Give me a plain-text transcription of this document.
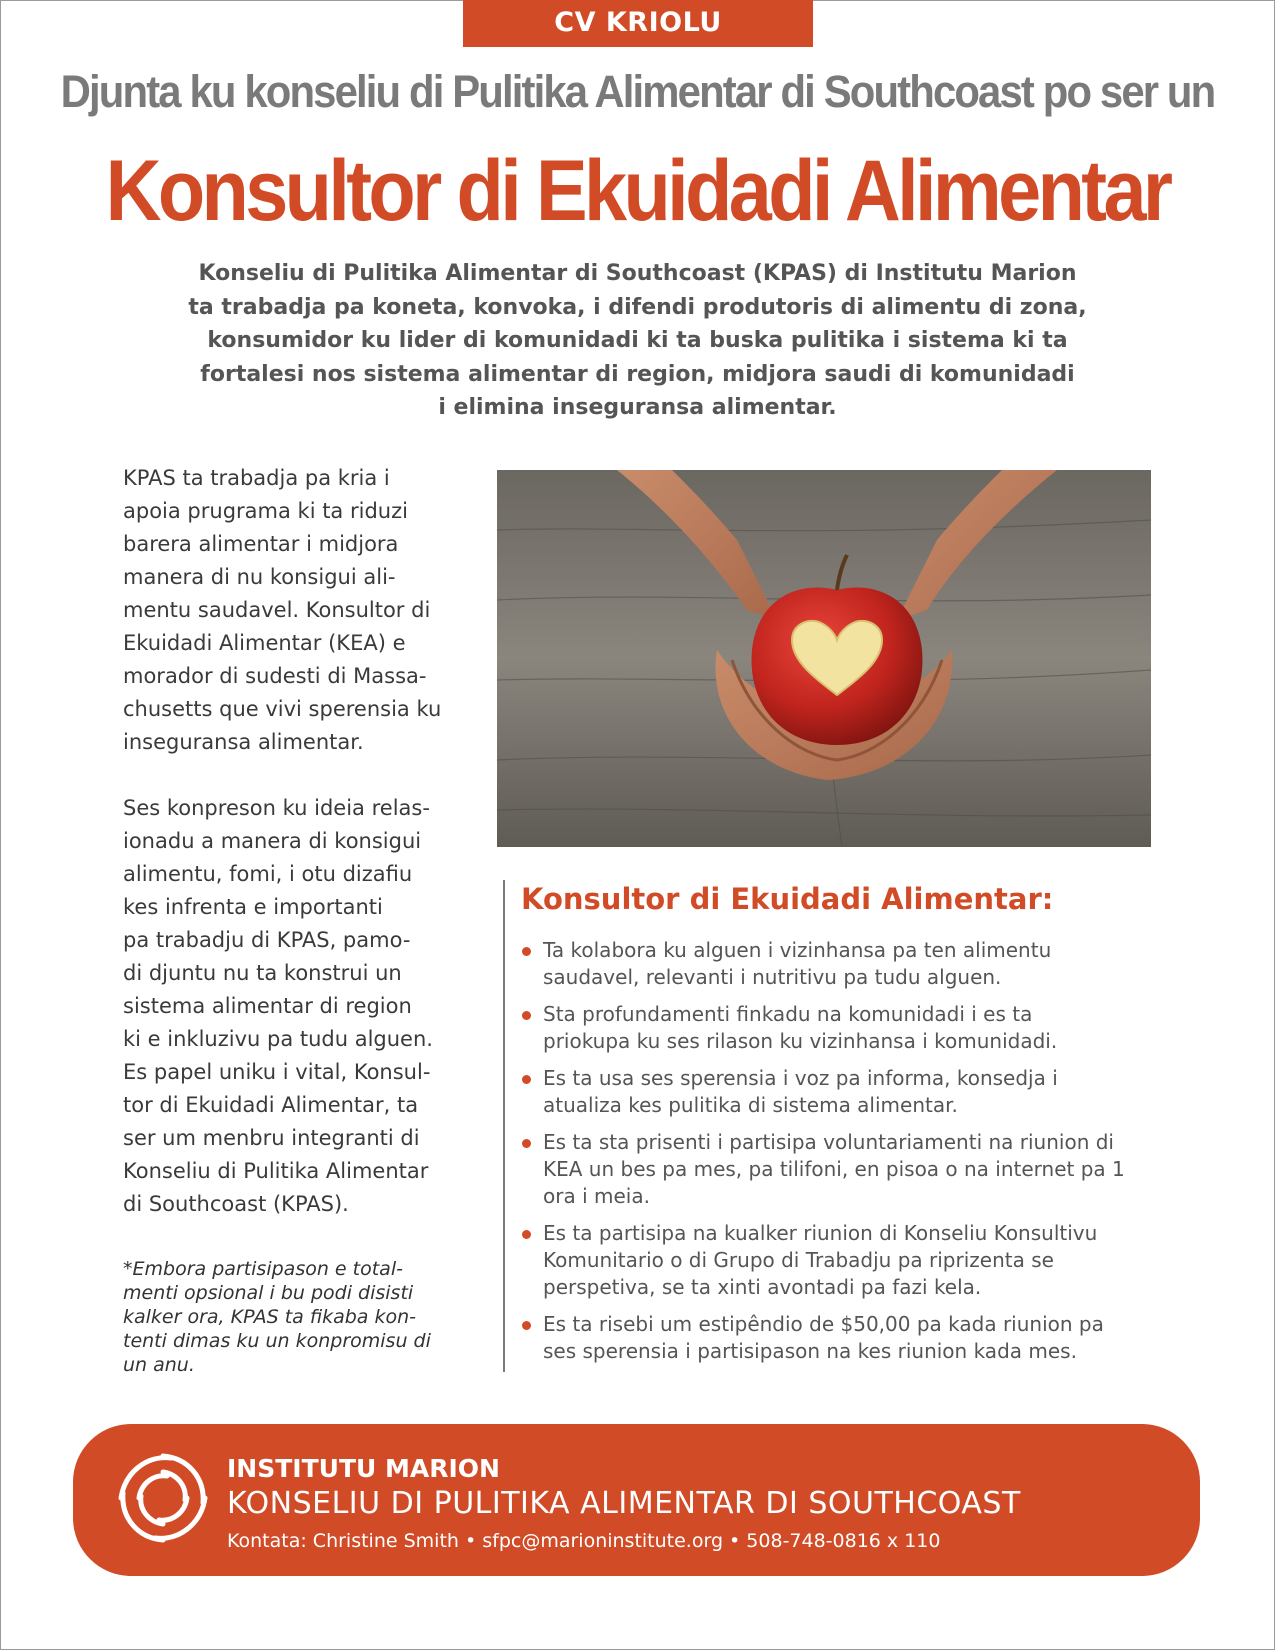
CV KRIOLU
Djunta ku konseliu di Pulitika Alimentar di Southcoast po ser un
Konsultor di Ekuidadi Alimentar

Konseliu di Pulitika Alimentar di Southcoast (KPAS) di Institutu Marion
ta trabadja pa koneta, konvoka, i difendi produtoris di alimentu di zona,
konsumidor ku lider di komunidadi ki ta buska pulitika i sistema ki ta
fortalesi nos sistema alimentar di region, midjora saudi di komunidadi
i elimina inseguransa alimentar.

KPAS ta trabadja pa kria i
apoia prugrama ki ta riduzi
barera alimentar i midjora
manera di nu konsigui ali-
mentu saudavel. Konsultor di
Ekuidadi Alimentar (KEA) e
morador di sudesti di Massa-
chusetts que vivi sperensia ku
inseguransa alimentar.

Ses konpreson ku ideia relas-
ionadu a manera di konsigui
alimentu, fomi, i otu dizafiu
kes infrenta e importanti
pa trabadju di KPAS, pamo-
di djuntu nu ta konstrui un
sistema alimentar di region
ki e inkluzivu pa tudu alguen.
Es papel uniku i vital, Konsul-
tor di Ekuidadi Alimentar, ta
ser um menbru integranti di
Konseliu di Pulitika Alimentar
di Southcoast (KPAS).

*Embora partisipason e total-
menti opsional i bu podi disisti
kalker ora, KPAS ta fikaba kon-
tenti dimas ku un konpromisu di
un anu.

Konsultor di Ekuidadi Alimentar:
Ta kolabora ku alguen i vizinhansa pa ten alimentu
saudavel, relevanti i nutritivu pa tudu alguen.
Sta profundamenti finkadu na komunidadi i es ta
priokupa ku ses rilason ku vizinhansa i komunidadi.
Es ta usa ses sperensia i voz pa informa, konsedja i
atualiza kes pulitika di sistema alimentar.
Es ta sta prisenti i partisipa voluntariamenti na riunion di
KEA un bes pa mes, pa tilifoni, en pisoa o na internet pa 1
ora i meia.
Es ta partisipa na kualker riunion di Konseliu Konsultivu
Komunitario o di Grupo di Trabadju pa riprizenta se
perspetiva, se ta xinti avontadi pa fazi kela.
Es ta risebi um estipêndio de $50,00 pa kada riunion pa
ses sperensia i partisipason na kes riunion kada mes.
INSTITUTU MARION
KONSELIU DI PULITIKA ALIMENTAR DI SOUTHCOAST
Kontata: Christine Smith • sfpc@marioninstitute.org • 508-748-0816 x 110
